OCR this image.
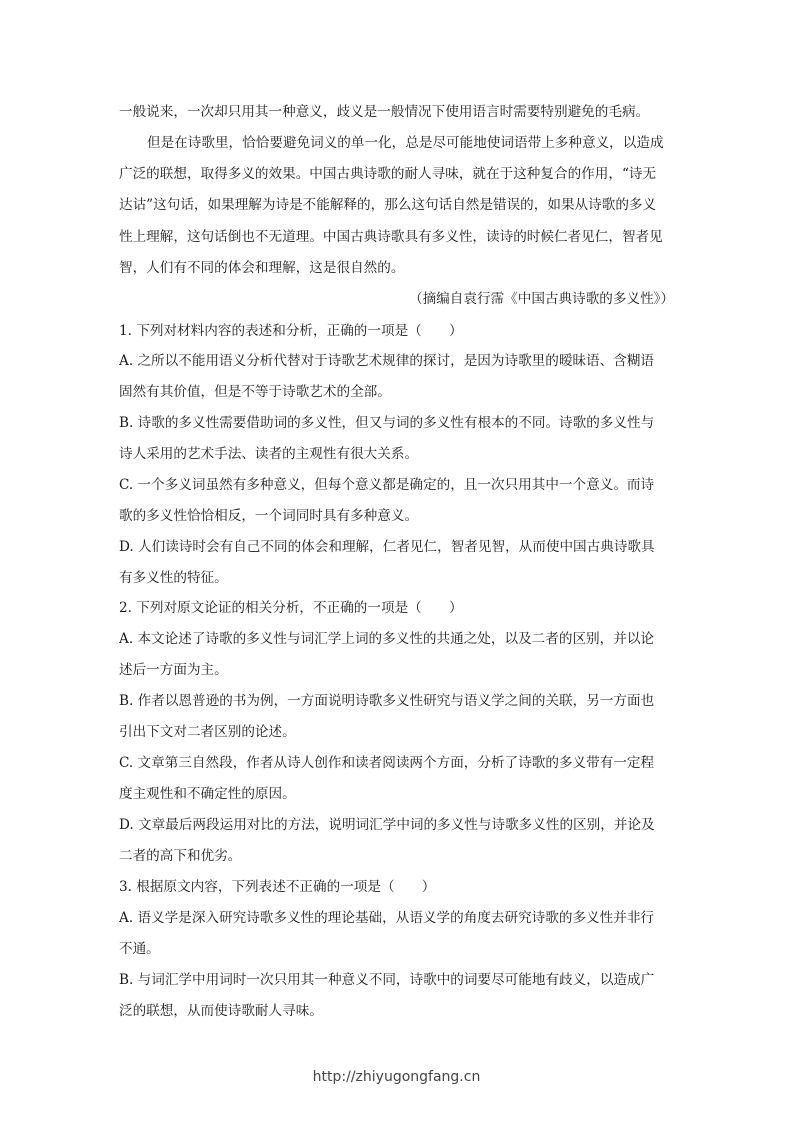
一般说来，一次却只用其一种意义，歧义是一般情况下使用语言时需要特别避免的毛病。
但是在诗歌里，恰恰要避免词义的单一化，总是尽可能地使词语带上多种意义，以造成
广泛的联想，取得多义的效果。中国古典诗歌的耐人寻味，就在于这种复合的作用，“诗无
达诂”这句话，如果理解为诗是不能解释的，那么这句话自然是错误的，如果从诗歌的多义
性上理解，这句话倒也不无道理。中国古典诗歌具有多义性，读诗的时候仁者见仁，智者见
智，人们有不同的体会和理解，这是很自然的。
（摘编自袁行霈《中国古典诗歌的多义性》）
1. 下列对材料内容的表述和分析，正确的一项是（　　）
A. 之所以不能用语义分析代替对于诗歌艺术规律的探讨，是因为诗歌里的暧昧语、含糊语
固然有其价值，但是不等于诗歌艺术的全部。
B. 诗歌的多义性需要借助词的多义性，但又与词的多义性有根本的不同。诗歌的多义性与
诗人采用的艺术手法、读者的主观性有很大关系。
C. 一个多义词虽然有多种意义，但每个意义都是确定的，且一次只用其中一个意义。而诗
歌的多义性恰恰相反，一个词同时具有多种意义。
D. 人们读诗时会有自己不同的体会和理解，仁者见仁，智者见智，从而使中国古典诗歌具
有多义性的特征。
2. 下列对原文论证的相关分析，不正确的一项是（　　）
A. 本文论述了诗歌的多义性与词汇学上词的多义性的共通之处，以及二者的区别，并以论
述后一方面为主。
B. 作者以恩普逊的书为例，一方面说明诗歌多义性研究与语义学之间的关联，另一方面也
引出下文对二者区别的论述。
C. 文章第三自然段，作者从诗人创作和读者阅读两个方面，分析了诗歌的多义带有一定程
度主观性和不确定性的原因。
D. 文章最后两段运用对比的方法，说明词汇学中词的多义性与诗歌多义性的区别，并论及
二者的高下和优劣。
3. 根据原文内容，下列表述不正确的一项是（　　）
A. 语义学是深入研究诗歌多义性的理论基础，从语义学的角度去研究诗歌的多义性并非行
不通。
B. 与词汇学中用词时一次只用其一种意义不同，诗歌中的词要尽可能地有歧义，以造成广
泛的联想，从而使诗歌耐人寻味。
http://zhiyugongfang.cn
